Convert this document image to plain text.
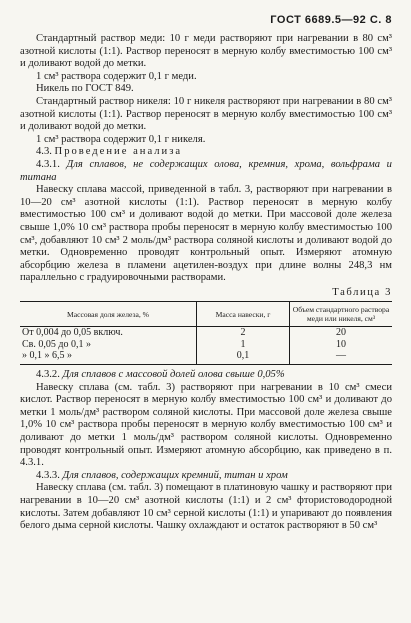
ГОСТ 6689.5—92 С. 8
Стандартный раствор меди: 10 г меди растворяют при нагревании в 80 см³ азотной кислоты (1:1). Раствор переносят в мерную колбу вместимостью 100 см³ и доливают водой до метки.
1 см³ раствора содержит 0,1 г меди.
Никель по ГОСТ 849.
Стандартный раствор никеля: 10 г никеля растворяют при нагревании в 80 см³ азотной кислоты (1:1). Раствор переносят в мерную колбу вместимостью 100 см³ и доливают водой до метки.
1 см³ раствора содержит 0,1 г никеля.
4.3. Проведение анализа
4.3.1. Для сплавов, не содержащих олова, кремния, хрома, вольфрама и титана
Навеску сплава массой, приведенной в табл. 3, растворяют при нагревании в 10—20 см³ азотной кислоты (1:1). Раствор переносят в мерную колбу вместимостью 100 см³ и доливают водой до метки. При массовой доле железа свыше 1,0% 10 см³ раствора пробы переносят в мерную колбу вместимостью 100 см³, добавляют 10 см³ 2 моль/дм³ раствора соляной кислоты и доливают водой до метки. Одновременно проводят контрольный опыт. Измеряют атомную абсорбцию железа в пламени ацетилен-воздух при длине волны 248,3 нм параллельно с градуировочными растворами.
Таблица 3
Массовая доля железа, %	Масса навески, г	Объем стандартного раствора меди или никеля, см³
От 0,004 до 0,05 включ.	2	20
Св. 0,05 до 0,1 »	1	10
» 0,1 » 6,5 »	0,1	—
4.3.2. Для сплавов с массовой долей олова свыше 0,05%
Навеску сплава (см. табл. 3) растворяют при нагревании в 10 см³ смеси кислот. Раствор переносят в мерную колбу вместимостью 100 см³ и доливают до метки 1 моль/дм³ раствором соляной кислоты. При массовой доле железа свыше 1,0% 10 см³ раствора пробы переносят в мерную колбу вместимостью 100 см³ и доливают до метки 1 моль/дм³ раствором соляной кислоты. Одновременно проводят контрольный опыт. Измеряют атомную абсорбцию, как приведено в п. 4.3.1.
4.3.3. Для сплавов, содержащих кремний, титан и хром
Навеску сплава (см. табл. 3) помещают в платиновую чашку и растворяют при нагревании в 10—20 см³ азотной кислоты (1:1) и 2 см³ фтористоводородной кислоты. Затем добавляют 10 см³ серной кислоты (1:1) и упаривают до появления белого дыма серной кислоты. Чашку охлаждают и остаток растворяют в 50 см³
